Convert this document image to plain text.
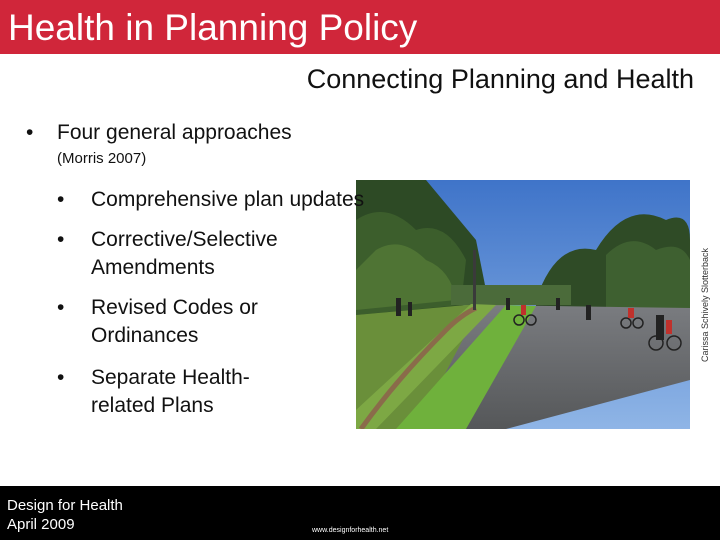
Health in Planning Policy
Connecting Planning and Health
• Four general approaches
(Morris 2007)
Carissa Schively Slotterback
• Comprehensive plan updates
• Corrective/Selective
Amendments
• Revised Codes or
Ordinances
• Separate Health-
related Plans
Design for Health
April 2009	www.designforhealth.net
